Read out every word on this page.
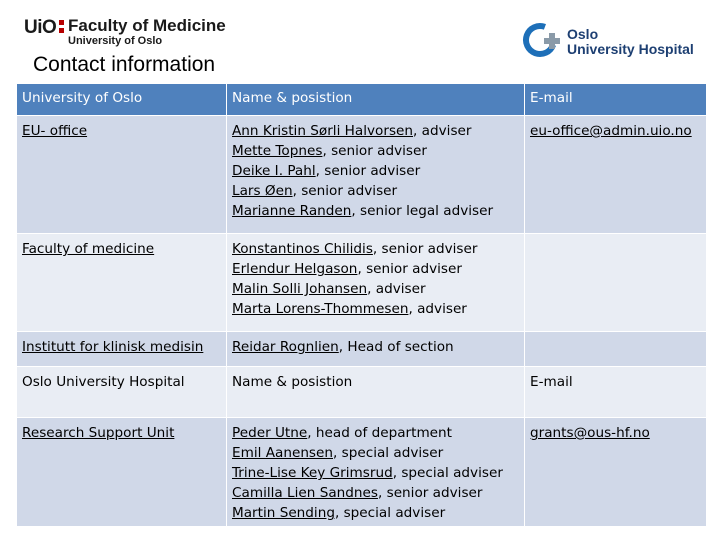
UiO Faculty of Medicine
University of Oslo
Contact information
Oslo
University Hospital
University of Oslo	Name & posistion	E-mail
EU- office	Ann Kristin Sørli Halvorsen, adviser
Mette Topnes, senior adviser
Deike I. Pahl, senior adviser
Lars Øen, senior adviser
Marianne Randen, senior legal adviser	eu-office@admin.uio.no

Faculty of medicine	Konstantinos Chilidis, senior adviser
Erlendur Helgason, senior adviser
Malin Solli Johansen, adviser
Marta Lorens-Thommesen, adviser	

Institutt for klinisk medisin	Reidar Rognlien, Head of section	

Oslo University Hospital	Name & posistion	E-mail
Research Support Unit	Peder Utne, head of department
Emil Aanensen, special adviser
Trine-Lise Key Grimsrud, special adviser
Camilla Lien Sandnes, senior adviser
Martin Sending, special adviser	grants@ous-hf.no
